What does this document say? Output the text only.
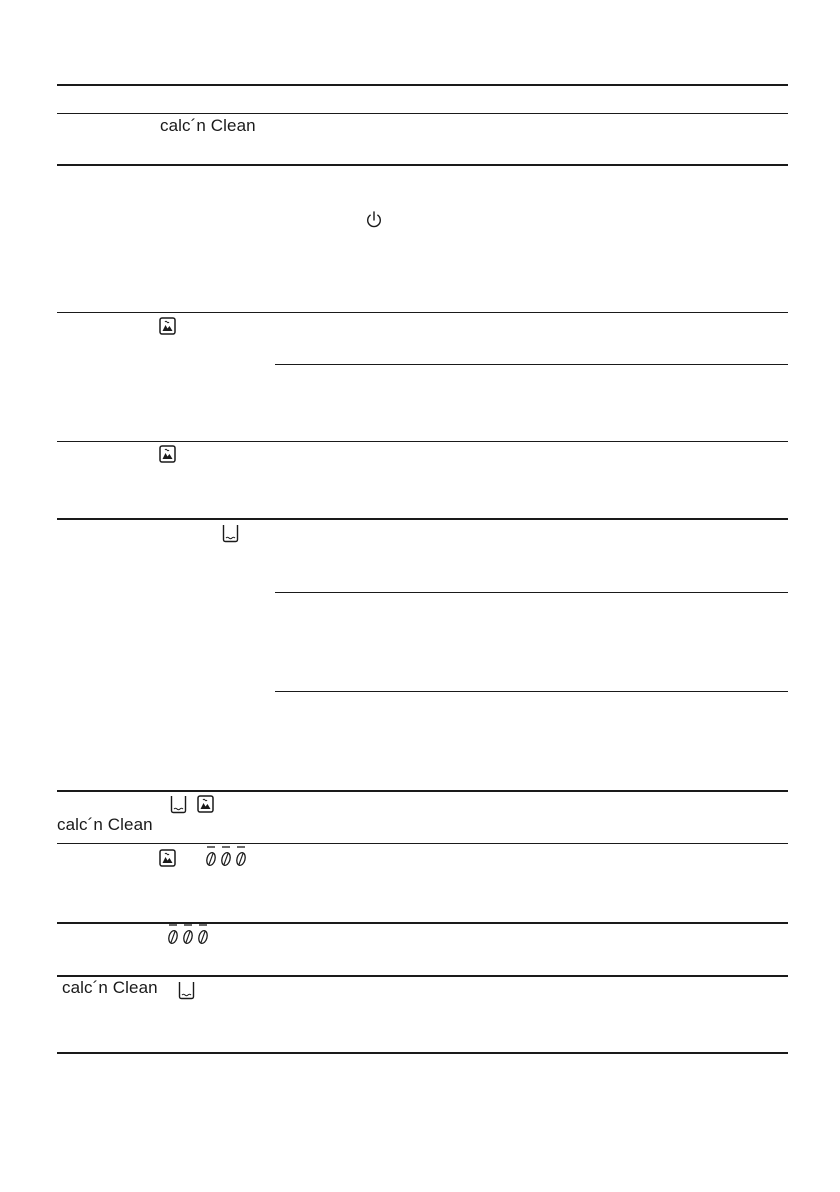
calc´n Clean
calc´n Clean
calc´n Clean
